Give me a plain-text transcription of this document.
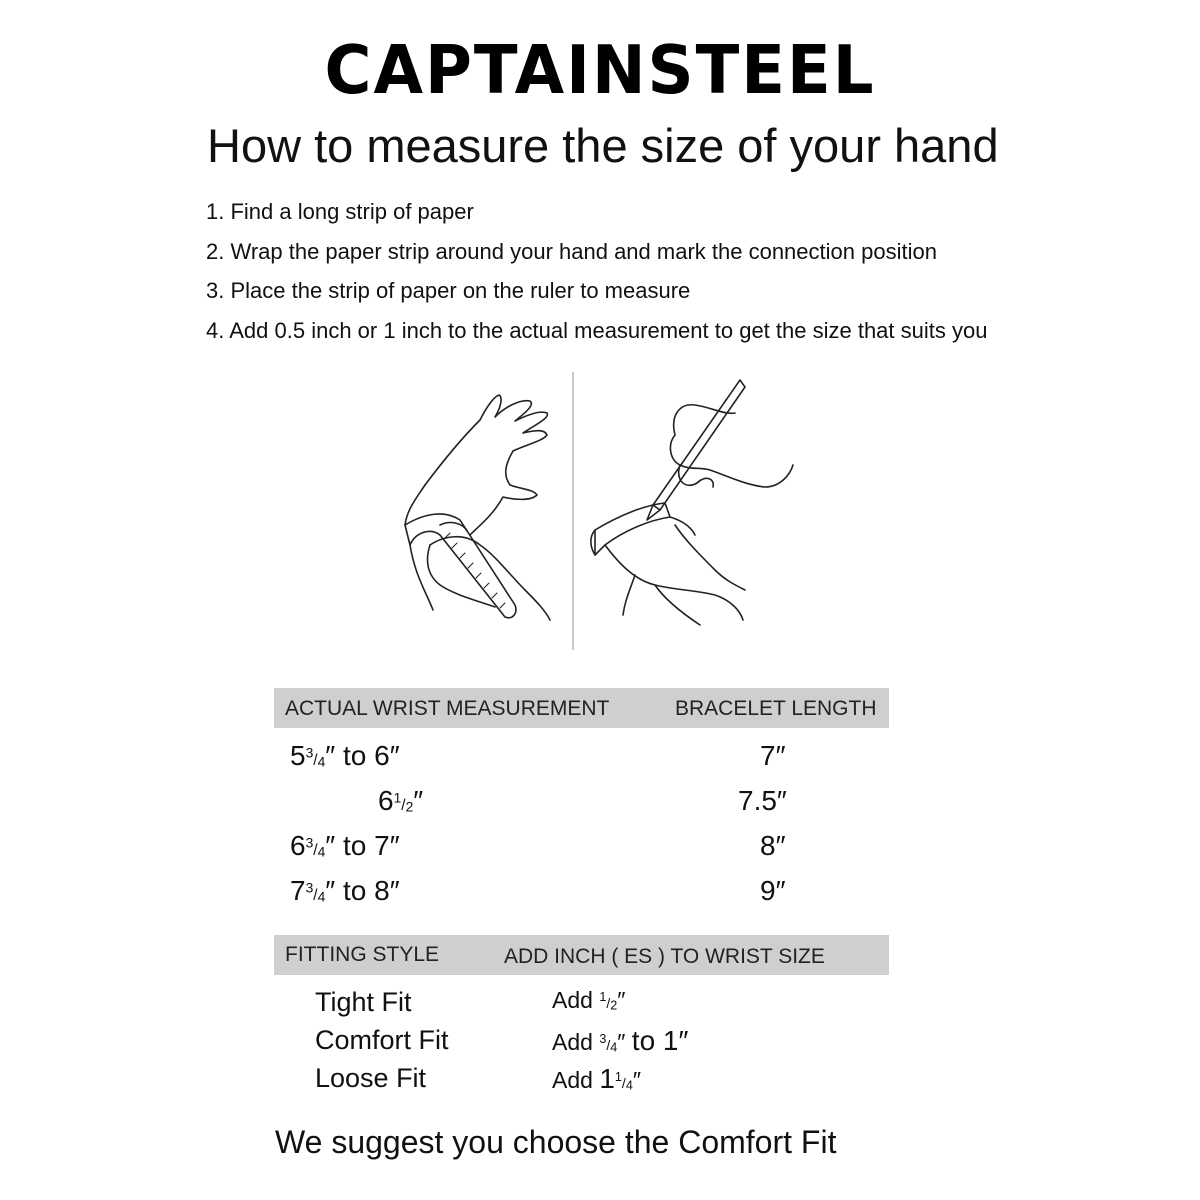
CAPTAINSTEEL
How to measure the size of your hand
1. Find a long strip of paper
2. Wrap the paper strip around your hand and mark the connection position
3. Place the strip of paper on the ruler to measure
4. Add 0.5 inch or 1 inch to the actual measurement to get the size that suits you
ACTUAL WRIST MEASUREMENT	BRACELET LENGTH
$5^3/_4''$ to 6″	7″
$6^1/_2''$	7.5″
$6^3/_4''$ to 7″	8″
$7^3/_4''$ to 8″	9″
FITTING STYLE	ADD INCH ( ES ) TO WRIST SIZE
Tight Fit	Add $^1/_2''$
Comfort Fit	Add $^3/_4''$ to 1″
Loose Fit	Add $1^1/_4''$
We suggest you choose the Comfort Fit
